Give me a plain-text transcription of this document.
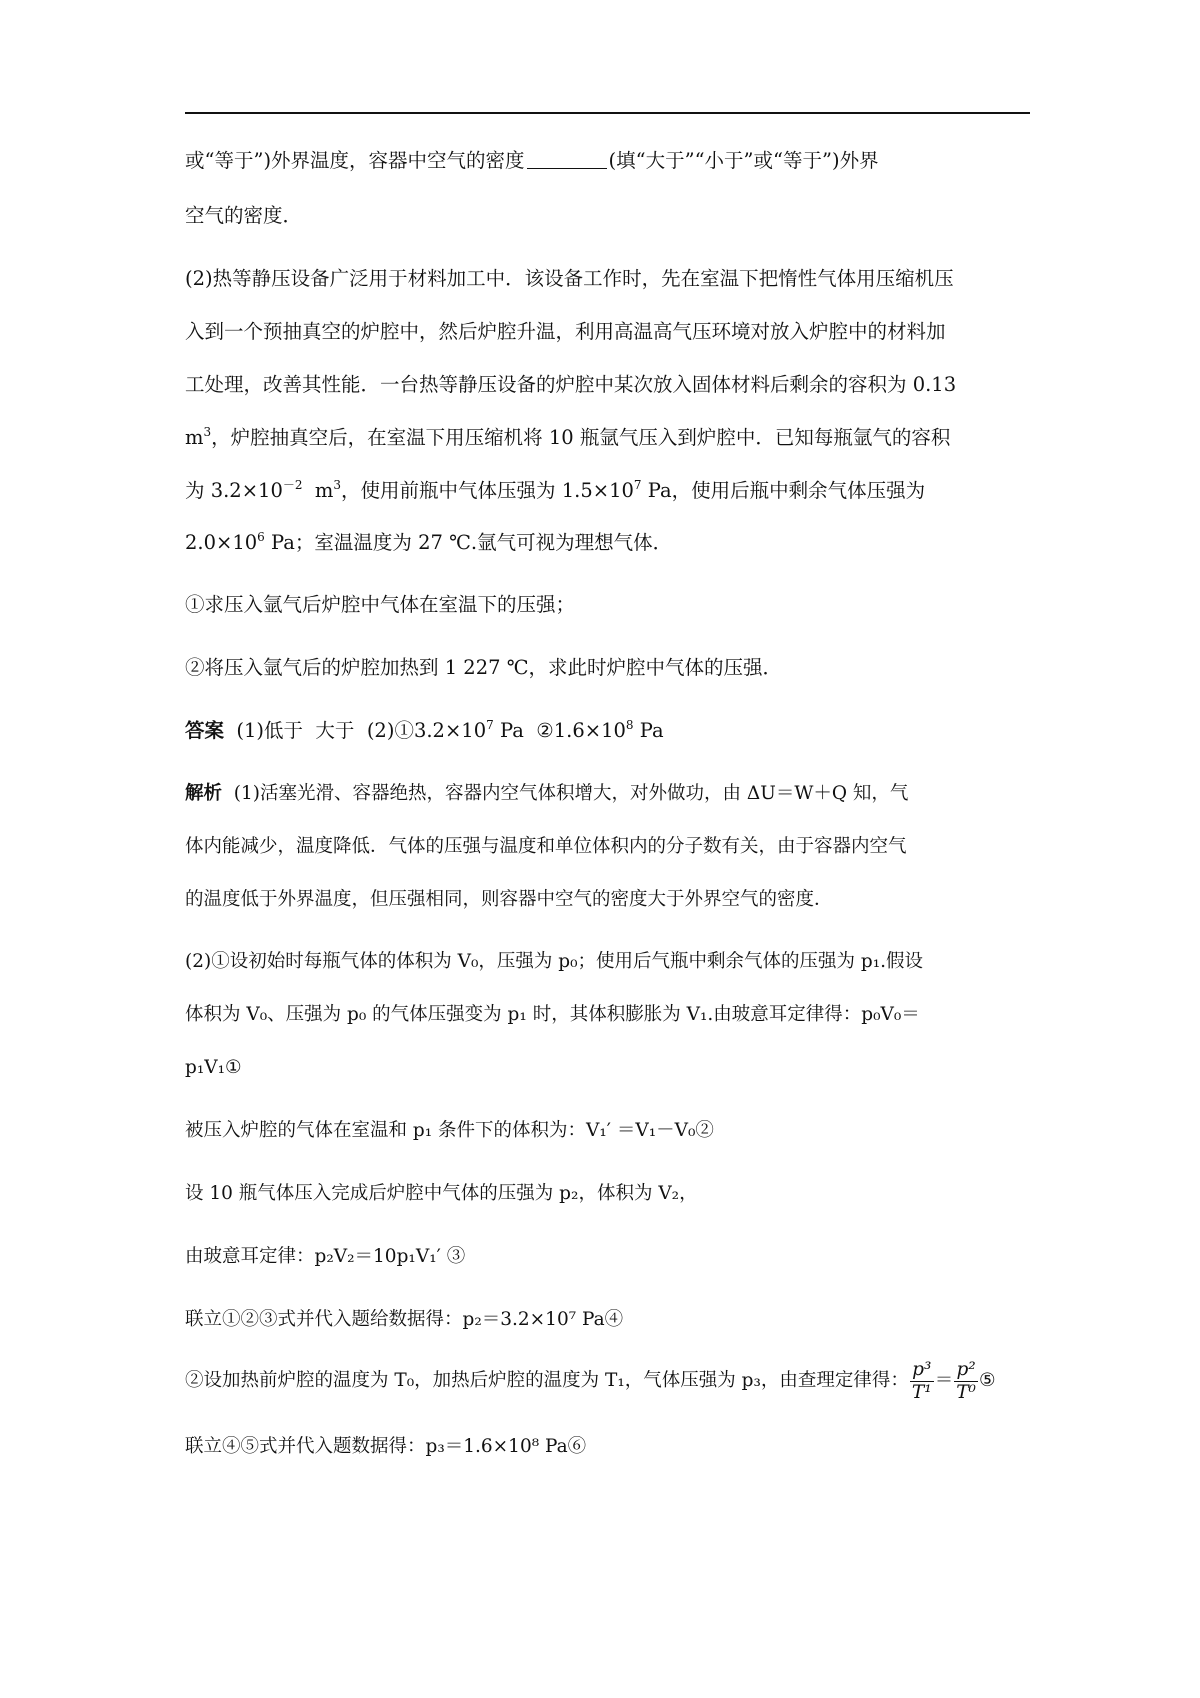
或“等于”)外界温度，容器中空气的密度	(填“大于”“小于”或“等于”)外界
空气的密度．
(2)热等静压设备广泛用于材料加工中．该设备工作时，先在室温下把惰性气体用压缩机压
入到一个预抽真空的炉腔中，然后炉腔升温，利用高温高气压环境对放入炉腔中的材料加
工处理，改善其性能．一台热等静压设备的炉腔中某次放入固体材料后剩余的容积为 0.13
$m^3$，炉腔抽真空后，在室温下用压缩机将 10 瓶氩气压入到炉腔中．已知每瓶氩气的容积
为 $3.2\times 10^{-2}$  $m^3$，使用前瓶中气体压强为 $1.5\times 10^7$ Pa，使用后瓶中剩余气体压强为
$2.0\times 10^6$ Pa；室温温度为 27 ℃.氩气可视为理想气体．
①求压入氩气后炉腔中气体在室温下的压强；
②将压入氩气后的炉腔加热到 1 227 ℃，求此时炉腔中气体的压强．
答案  (1)低于  大于  $(2)①3.2\times 10^7$ Pa  $②1.6\times 10^8$ Pa
解析  (1)活塞光滑、容器绝热，容器内空气体积增大，对外做功，由 ΔU＝W＋Q 知，气
体内能减少，温度降低．气体的压强与温度和单位体积内的分子数有关，由于容器内空气
的温度低于外界温度，但压强相同，则容器中空气的密度大于外界空气的密度．
(2)①设初始时每瓶气体的体积为 V₀，压强为 p₀；使用后气瓶中剩余气体的压强为 p₁.假设
体积为 V₀、压强为 p₀ 的气体压强变为 p₁ 时，其体积膨胀为 V₁.由玻意耳定律得：p₀V₀＝
p₁V₁①
被压入炉腔的气体在室温和 p₁ 条件下的体积为：V₁′ ＝V₁－V₀②
设 10 瓶气体压入完成后炉腔中气体的压强为 p₂，体积为 V₂，
由玻意耳定律：p₂V₂＝10p₁V₁′ ③
联立①②③式并代入题给数据得：p₂＝3.2×10⁷ Pa④
②设加热前炉腔的温度为 T₀，加热后炉腔的温度为 T₁，气体压强为 p₃，由查理定律得： $\frac{\text{p³}}{\text{T¹}} = \frac{\text{p²}}{\text{T⁰}}$ ⑤
联立④⑤式并代入题数据得：p₃＝1.6×10⁸ Pa⑥
